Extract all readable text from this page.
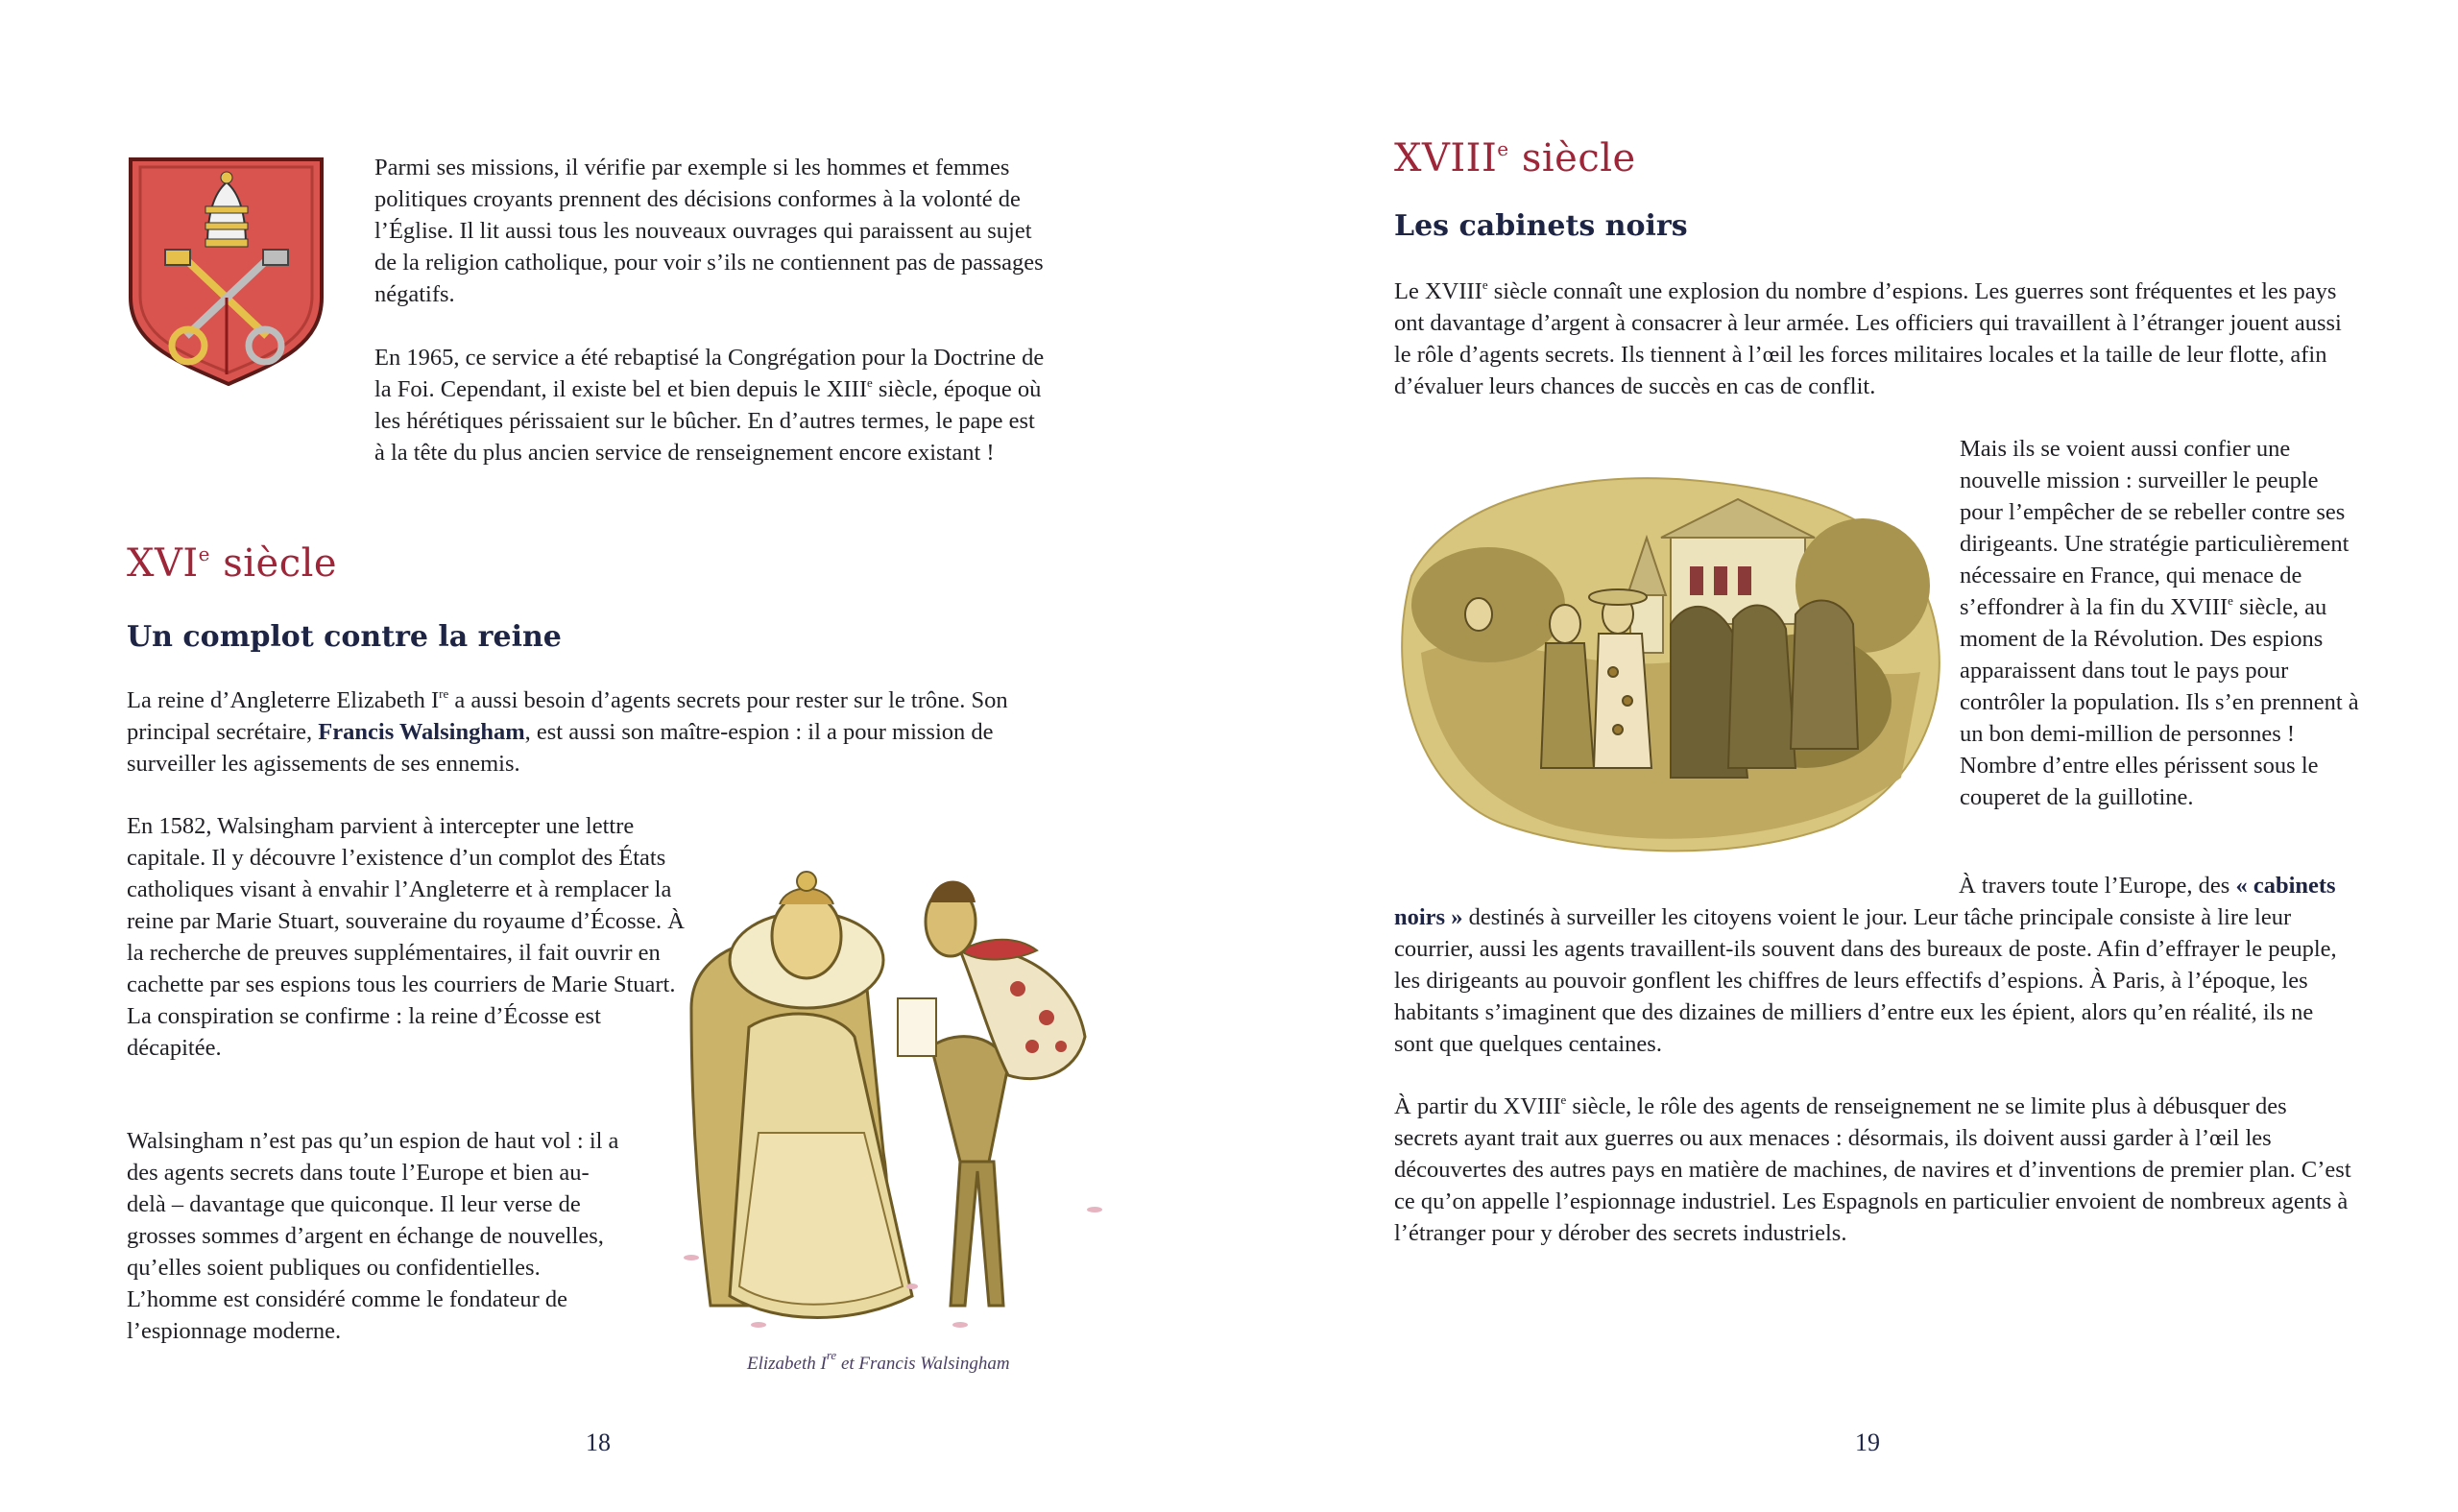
Parmi ses missions, il vérifie par exemple si les hommes et femmes politiques croyants prennent des décisions conformes à la volonté de l’Église. Il lit aussi tous les nouveaux ouvrages qui paraissent au sujet de la religion catholique, pour voir s’ils ne contiennent pas de passages négatifs.

En 1965, ce service a été rebaptisé la Congrégation pour la Doctrine de la Foi. Cependant, il existe bel et bien depuis le XIIIe siècle, époque où les hérétiques périssaient sur le bûcher. En d’autres termes, le pape est à la tête du plus ancien service de renseignement encore existant !

XVIe siècle
Un complot contre la reine

La reine d’Angleterre Elizabeth Ire a aussi besoin d’agents secrets pour rester sur le trône. Son principal secrétaire, Francis Walsingham, est aussi son maître-espion : il a pour mission de surveiller les agissements de ses ennemis.

En 1582, Walsingham parvient à intercepter une lettre capitale. Il y découvre l’existence d’un complot des États catholiques visant à envahir l’Angleterre et à remplacer la reine par Marie Stuart, souveraine du royaume d’Écosse. À la recherche de preuves supplémentaires, il fait ouvrir en cachette par ses espions tous les courriers de Marie Stuart. La conspiration se confirme : la reine d’Écosse est décapitée.

Walsingham n’est pas qu’un espion de haut vol : il a des agents secrets dans toute l’Europe et bien au-delà – davantage que quiconque. Il leur verse de grosses sommes d’argent en échange de nouvelles, qu’elles soient publiques ou confidentielles. L’homme est considéré comme le fondateur de l’espionnage moderne.

Elizabeth Ire et Francis Walsingham

18

XVIIIe siècle
Les cabinets noirs

Le XVIIIe siècle connaît une explosion du nombre d’espions. Les guerres sont fréquentes et les pays ont davantage d’argent à consacrer à leur armée. Les officiers qui travaillent à l’étranger jouent aussi le rôle d’agents secrets. Ils tiennent à l’œil les forces militaires locales et la taille de leur flotte, afin d’évaluer leurs chances de succès en cas de conflit.

Mais ils se voient aussi confier une nouvelle mission : surveiller le peuple pour l’empêcher de se rebeller contre ses dirigeants. Une stratégie particulièrement nécessaire en France, qui menace de s’effondrer à la fin du XVIIIe siècle, au moment de la Révolution. Des espions apparaissent dans tout le pays pour contrôler la population. Ils s’en prennent à un bon demi-million de personnes ! Nombre d’entre elles périssent sous le couperet de la guillotine.

À travers toute l’Europe, des « cabinets noirs » destinés à surveiller les citoyens voient le jour. Leur tâche principale consiste à lire leur courrier, aussi les agents travaillent-ils souvent dans des bureaux de poste. Afin d’effrayer le peuple, les dirigeants au pouvoir gonflent les chiffres de leurs effectifs d’espions. À Paris, à l’époque, les habitants s’imaginent que des dizaines de milliers d’entre eux les épient, alors qu’en réalité, ils ne sont que quelques centaines.

À partir du XVIIIe siècle, le rôle des agents de renseignement ne se limite plus à débusquer des secrets ayant trait aux guerres ou aux menaces : désormais, ils doivent aussi garder à l’œil les découvertes des autres pays en matière de machines, de navires et d’inventions de premier plan. C’est ce qu’on appelle l’espionnage industriel. Les Espagnols en particulier envoient de nombreux agents à l’étranger pour y dérober des secrets industriels.

19
